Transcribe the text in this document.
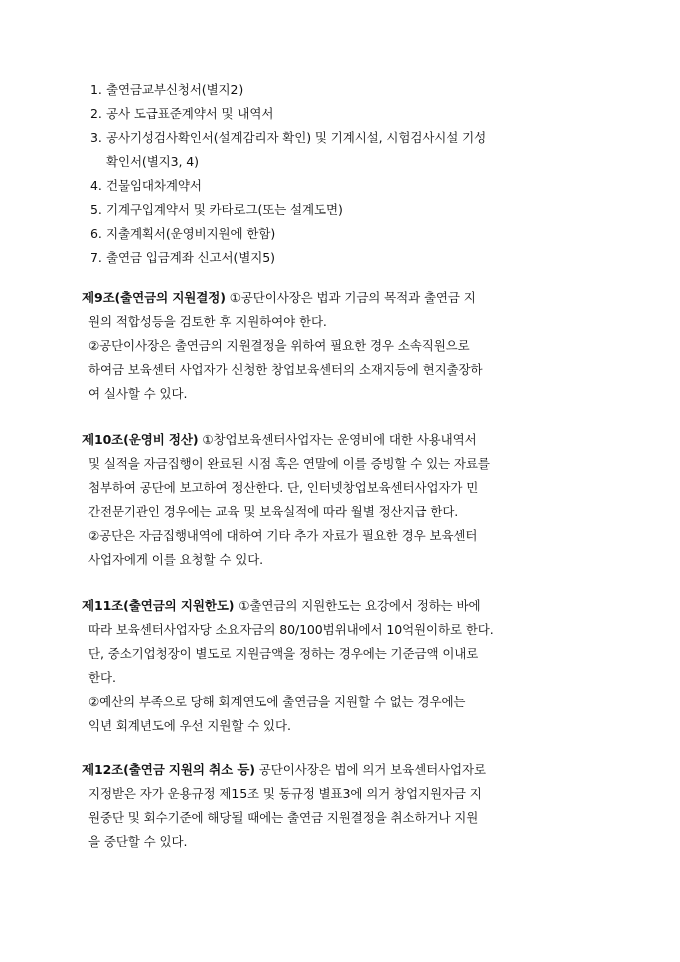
1. 출연금교부신청서(별지2)
2. 공사 도급표준계약서 및 내역서
3. 공사기성검사확인서(설계감리자 확인) 및 기계시설, 시험검사시설 기성
확인서(별지3, 4)
4. 건물임대차계약서
5. 기계구입계약서 및 카타로그(또는 설계도면)
6. 지출계획서(운영비지원에 한함)
7. 출연금 입금계좌 신고서(별지5)
제9조(출연금의 지원결정) ①공단이사장은 법과 기금의 목적과 출연금 지
원의 적합성등을 검토한 후 지원하여야 한다.
②공단이사장은 출연금의 지원결정을 위하여 필요한 경우 소속직원으로
하여금 보육센터 사업자가 신청한 창업보육센터의 소재지등에 현지출장하
여 실사할 수 있다.
제10조(운영비 정산) ①창업보육센터사업자는 운영비에 대한 사용내역서
및 실적을 자금집행이 완료된 시점 혹은 연말에 이를 증빙할 수 있는 자료를
첨부하여 공단에 보고하여 정산한다. 단, 인터넷창업보육센터사업자가 민
간전문기관인 경우에는 교육 및 보육실적에 따라 월별 정산지급 한다.
②공단은 자금집행내역에 대하여 기타 추가 자료가 필요한 경우 보육센터
사업자에게 이를 요청할 수 있다.
제11조(출연금의 지원한도) ①출연금의 지원한도는 요강에서 정하는 바에
따라 보육센터사업자당 소요자금의 80/100범위내에서 10억원이하로 한다.
단, 중소기업청장이 별도로 지원금액을 정하는 경우에는 기준금액 이내로
한다.
②예산의 부족으로 당해 회계연도에 출연금을 지원할 수 없는 경우에는
익년 회계년도에 우선 지원할 수 있다.
제12조(출연금 지원의 취소 등) 공단이사장은 법에 의거 보육센터사업자로
지정받은 자가 운용규정 제15조 및 동규정 별표3에 의거 창업지원자금 지
원중단 및 회수기준에 해당될 때에는 출연금 지원결정을 취소하거나 지원
을 중단할 수 있다.
